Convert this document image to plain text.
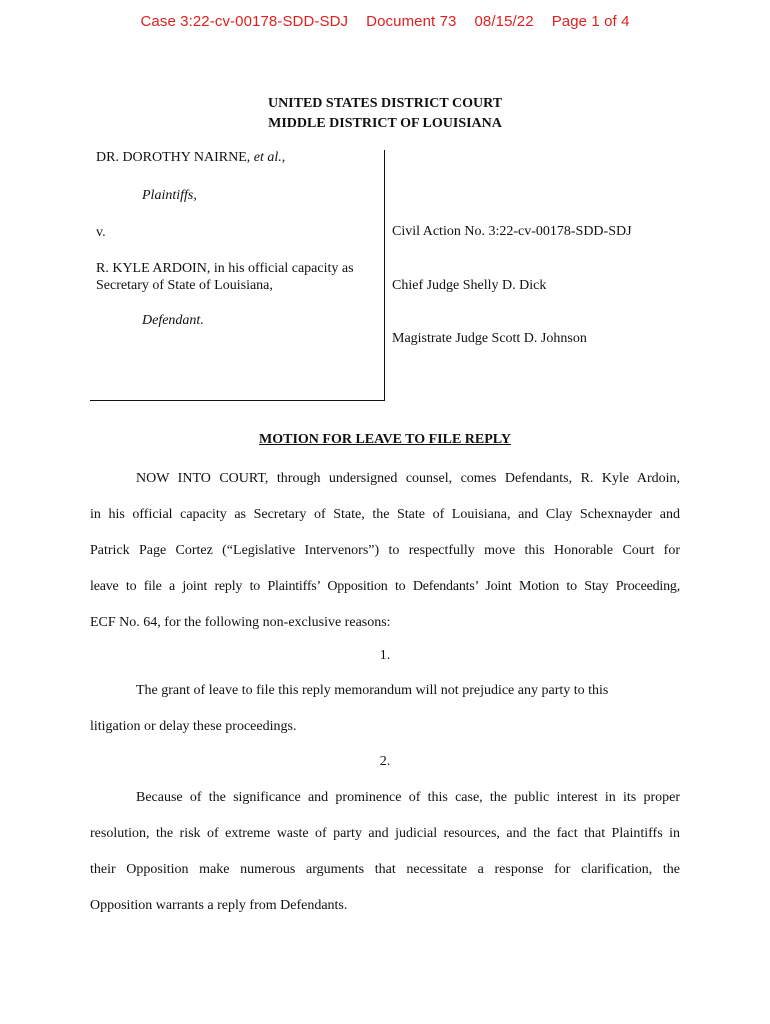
Case 3:22-cv-00178-SDD-SDJ Document 73 08/15/22 Page 1 of 4
UNITED STATES DISTRICT COURT
MIDDLE DISTRICT OF LOUISIANA
DR. DOROTHY NAIRNE, et al.,
Plaintiffs,
v.
R. KYLE ARDOIN, in his official capacity as
Secretary of State of Louisiana,
Defendant.
Civil Action No. 3:22-cv-00178-SDD-SDJ
Chief Judge Shelly D. Dick
Magistrate Judge Scott D. Johnson
MOTION FOR LEAVE TO FILE REPLY
NOW INTO COURT, through undersigned counsel, comes Defendants, R. Kyle Ardoin,
in his official capacity as Secretary of State, the State of Louisiana, and Clay Schexnayder and
Patrick Page Cortez (“Legislative Intervenors”) to respectfully move this Honorable Court for
leave to file a joint reply to Plaintiffs’ Opposition to Defendants’ Joint Motion to Stay Proceeding,
ECF No. 64, for the following non-exclusive reasons:
1.
The grant of leave to file this reply memorandum will not prejudice any party to this
litigation or delay these proceedings.
2.
Because of the significance and prominence of this case, the public interest in its proper
resolution, the risk of extreme waste of party and judicial resources, and the fact that Plaintiffs in
their Opposition make numerous arguments that necessitate a response for clarification, the
Opposition warrants a reply from Defendants.
